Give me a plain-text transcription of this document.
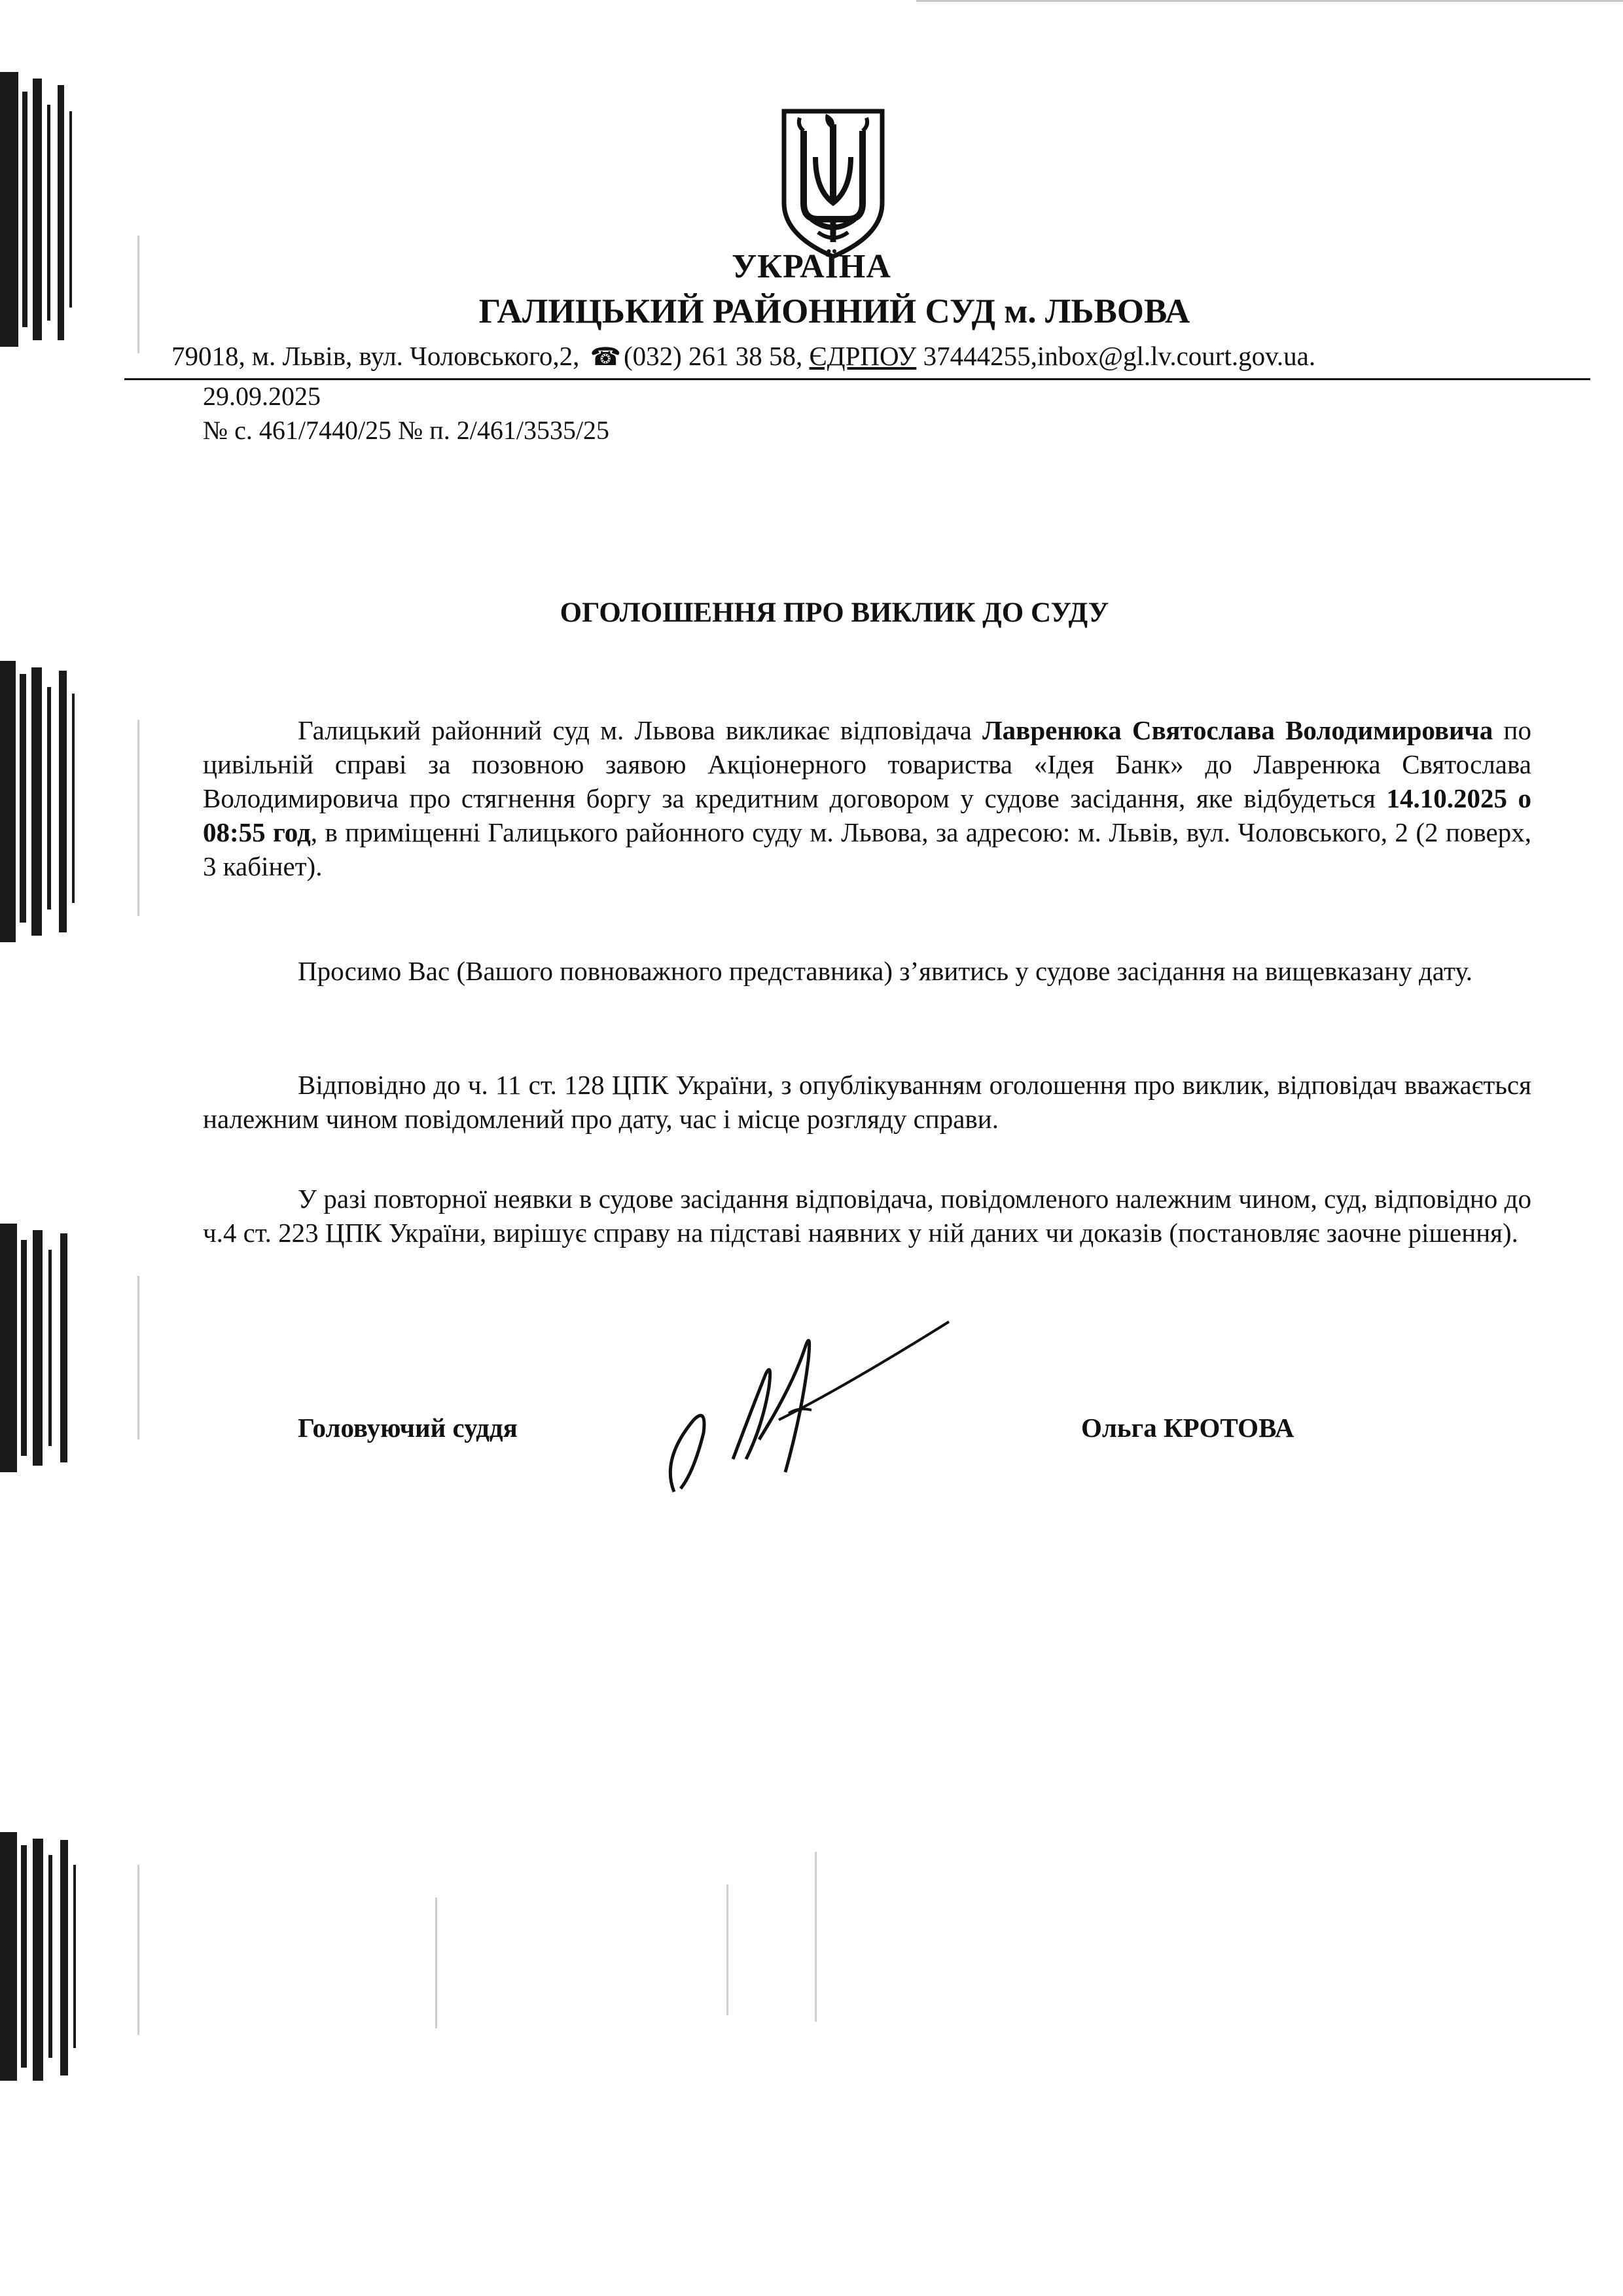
УКРАЇНА
ГАЛИЦЬКИЙ РАЙОННИЙ СУД м. ЛЬВОВА
79018, м. Львів, вул. Чоловського,2, ☎(032) 261 38 58, ЄДРПОУ 37444255,inbox@gl.lv.court.gov.ua.
29.09.2025
№ с. 461/7440/25 № п. 2/461/3535/25
ОГОЛОШЕННЯ ПРО ВИКЛИК ДО СУДУ

Галицький районний суд м. Львова викликає відповідача Лавренюка Святослава Володимировича по цивільній справі за позовною заявою Акціонерного товариства «Ідея Банк» до Лавренюка Святослава Володимировича про стягнення боргу за кредитним договором у судове засідання, яке відбудеться 14.10.2025 о 08:55 год, в приміщенні Галицького районного суду м. Львова, за адресою: м. Львів, вул. Чоловського, 2 (2 поверх, 3 кабінет).

Просимо Вас (Вашого повноважного представника) з’явитись у судове засідання на вищевказану дату.

Відповідно до ч. 11 ст. 128 ЦПК України, з опублікуванням оголошення про виклик, відповідач вважається належним чином повідомлений про дату, час і місце розгляду справи.

У разі повторної неявки в судове засідання відповідача, повідомленого належним чином, суд, відповідно до ч.4 ст. 223 ЦПК України, вирішує справу на підставі наявних у ній даних чи доказів (постановляє заочне рішення).

Головуючий суддя	Ольга КРОТОВА
